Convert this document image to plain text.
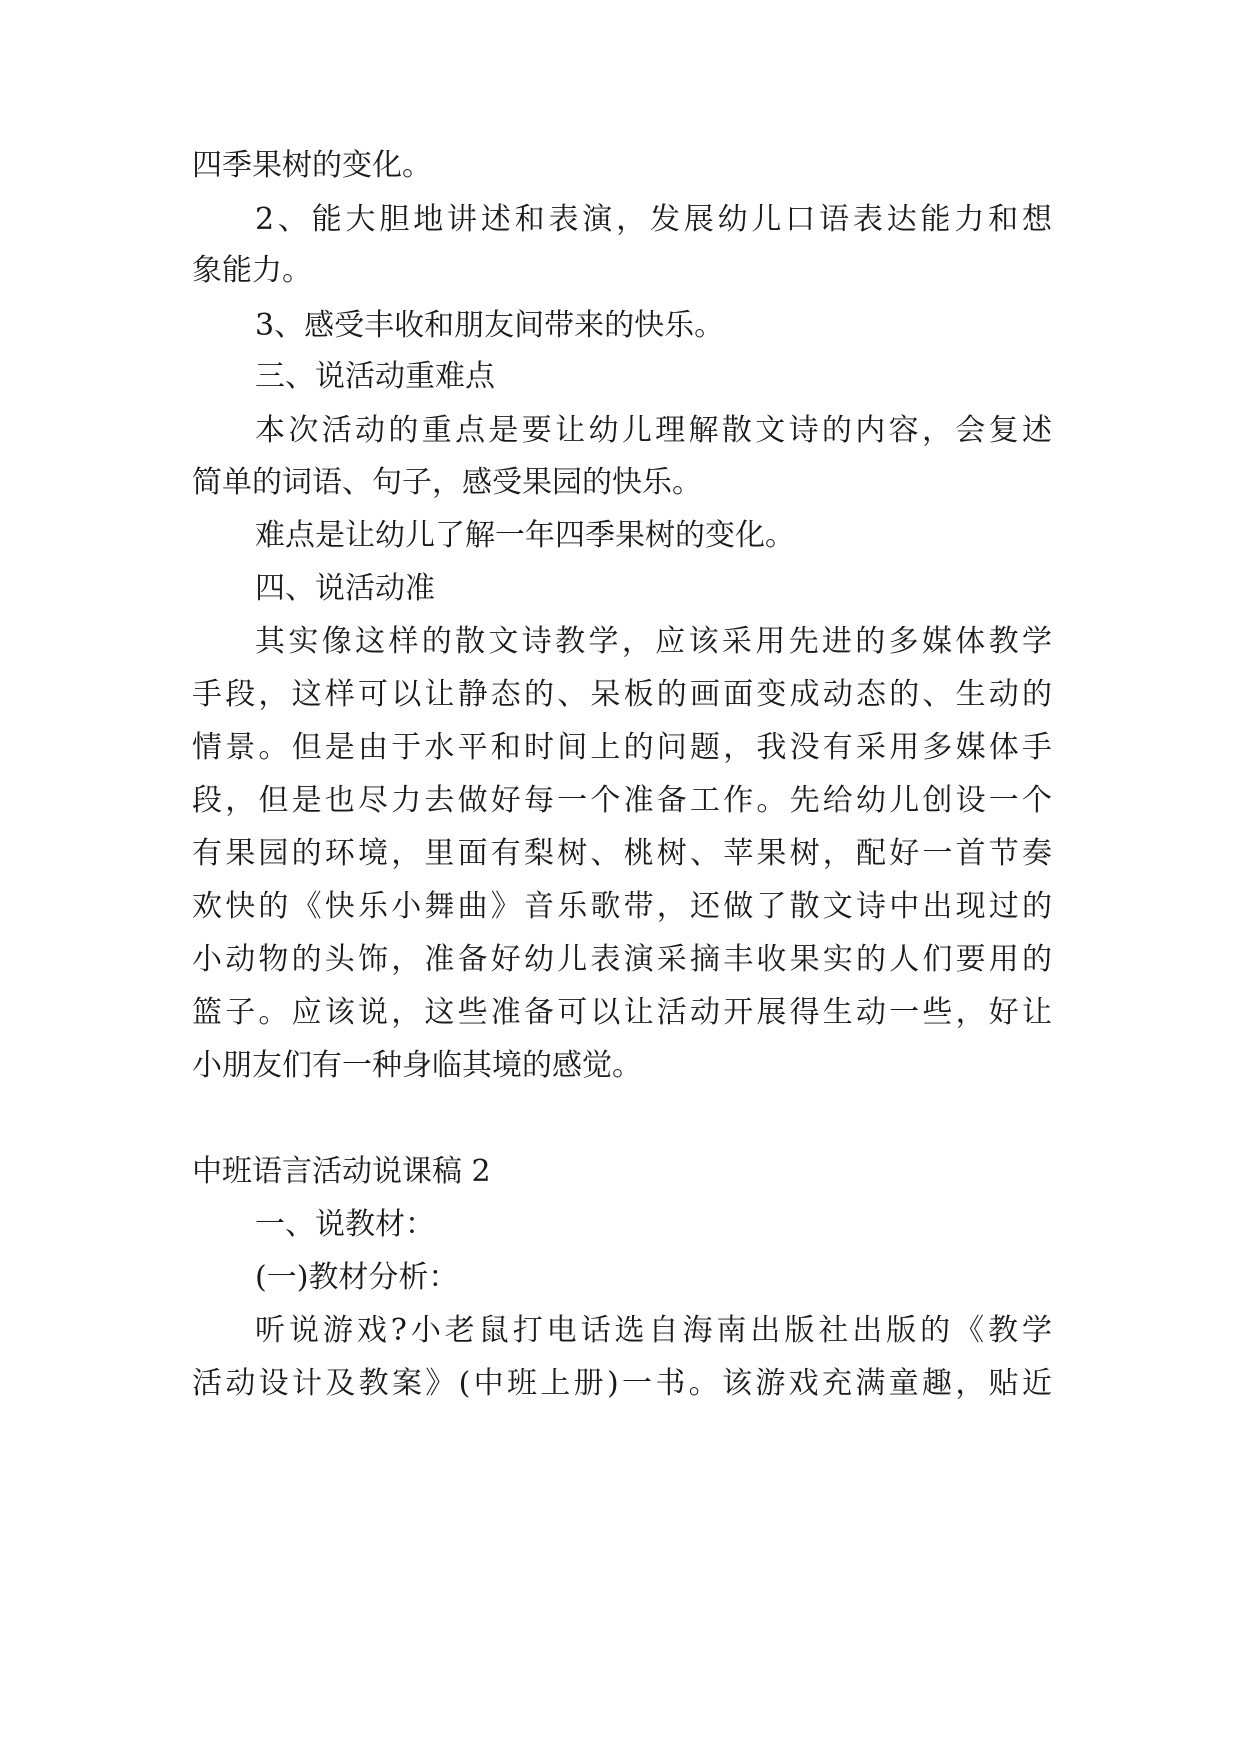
四季果树的变化。
2、能大胆地讲述和表演，发展幼儿口语表达能力和想
象能力。
3、感受丰收和朋友间带来的快乐。
三、说活动重难点
本次活动的重点是要让幼儿理解散文诗的内容，会复述
简单的词语、句子，感受果园的快乐。
难点是让幼儿了解一年四季果树的变化。
四、说活动准
其实像这样的散文诗教学，应该采用先进的多媒体教学
手段，这样可以让静态的、呆板的画面变成动态的、生动的
情景。但是由于水平和时间上的问题，我没有采用多媒体手
段，但是也尽力去做好每一个准备工作。先给幼儿创设一个
有果园的环境，里面有梨树、桃树、苹果树，配好一首节奏
欢快的《快乐小舞曲》音乐歌带，还做了散文诗中出现过的
小动物的头饰，准备好幼儿表演采摘丰收果实的人们要用的
篮子。应该说，这些准备可以让活动开展得生动一些，好让
小朋友们有一种身临其境的感觉。
中班语言活动说课稿 2
一、说教材：
(一)教材分析：
听说游戏?小老鼠打电话选自海南出版社出版的《教学
活动设计及教案》(中班上册)一书。该游戏充满童趣，贴近
